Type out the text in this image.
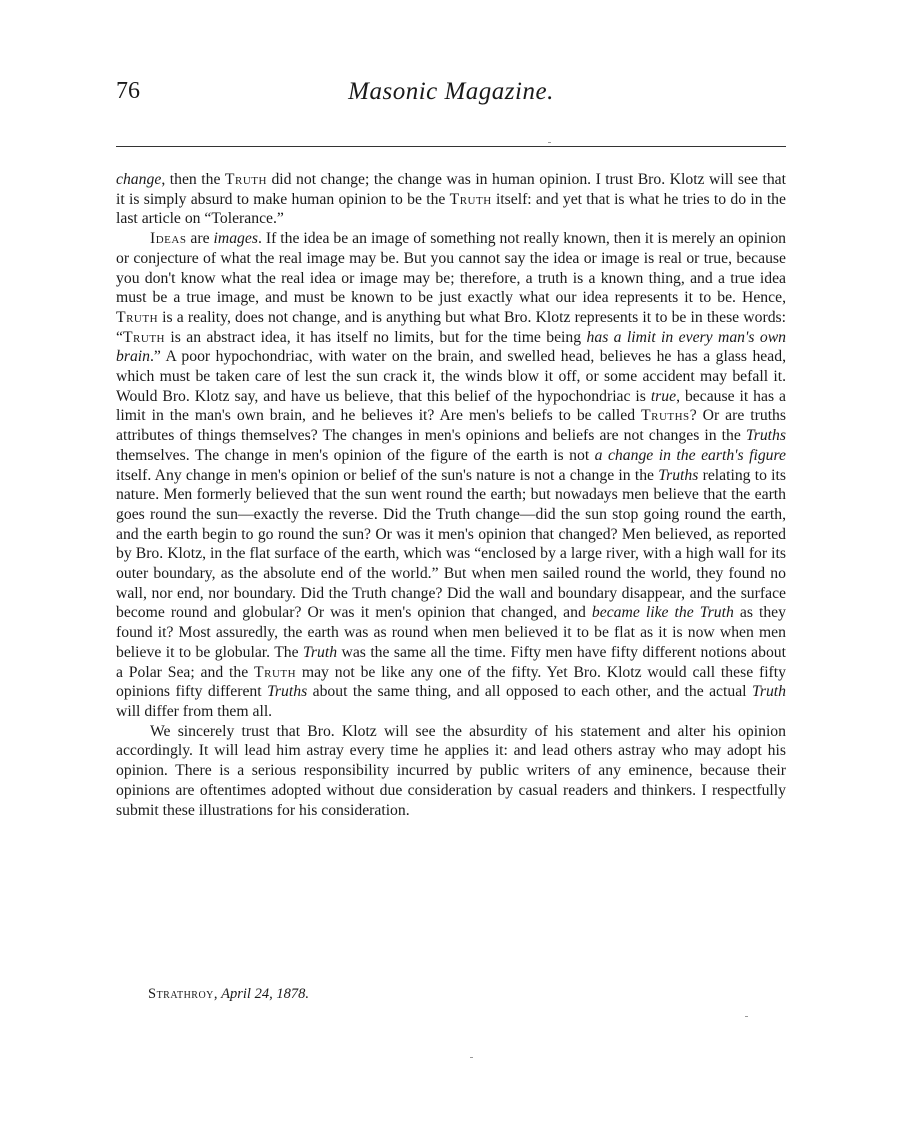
76	Masonic Magazine.

change, then the Truth did not change; the change was in human opinion. I trust Bro. Klotz will see that it is simply absurd to make human opinion to be the Truth itself: and yet that is what he tries to do in the last article on “Tolerance.”

Ideas are images. If the idea be an image of something not really known, then it is merely an opinion or conjecture of what the real image may be. But you cannot say the idea or image is real or true, because you don't know what the real idea or image may be; therefore, a truth is a known thing, and a true idea must be a true image, and must be known to be just exactly what our idea represents it to be. Hence, Truth is a reality, does not change, and is anything but what Bro. Klotz represents it to be in these words: “Truth is an abstract idea, it has itself no limits, but for the time being has a limit in every man's own brain.” A poor hypochondriac, with water on the brain, and swelled head, believes he has a glass head, which must be taken care of lest the sun crack it, the winds blow it off, or some accident may befall it. Would Bro. Klotz say, and have us believe, that this belief of the hypochondriac is true, because it has a limit in the man's own brain, and he believes it? Are men's beliefs to be called Truths? Or are truths attributes of things themselves? The changes in men's opinions and beliefs are not changes in the Truths themselves. The change in men's opinion of the figure of the earth is not a change in the earth's figure itself. Any change in men's opinion or belief of the sun's nature is not a change in the Truths relating to its nature. Men formerly believed that the sun went round the earth; but nowadays men believe that the earth goes round the sun—exactly the reverse. Did the Truth change—did the sun stop going round the earth, and the earth begin to go round the sun? Or was it men's opinion that changed? Men believed, as reported by Bro. Klotz, in the flat surface of the earth, which was “enclosed by a large river, with a high wall for its outer boundary, as the absolute end of the world.” But when men sailed round the world, they found no wall, nor end, nor boundary. Did the Truth change? Did the wall and boundary disappear, and the surface become round and globular? Or was it men's opinion that changed, and became like the Truth as they found it? Most assuredly, the earth was as round when men believed it to be flat as it is now when men believe it to be globular. The Truth was the same all the time. Fifty men have fifty different notions about a Polar Sea; and the Truth may not be like any one of the fifty. Yet Bro. Klotz would call these fifty opinions fifty different Truths about the same thing, and all opposed to each other, and the actual Truth will differ from them all.

We sincerely trust that Bro. Klotz will see the absurdity of his statement and alter his opinion accordingly. It will lead him astray every time he applies it: and lead others astray who may adopt his opinion. There is a serious responsibility incurred by public writers of any eminence, because their opinions are oftentimes adopted without due consideration by casual readers and thinkers. I respectfully submit these illustrations for his consideration.

Strathroy, April 24, 1878.
